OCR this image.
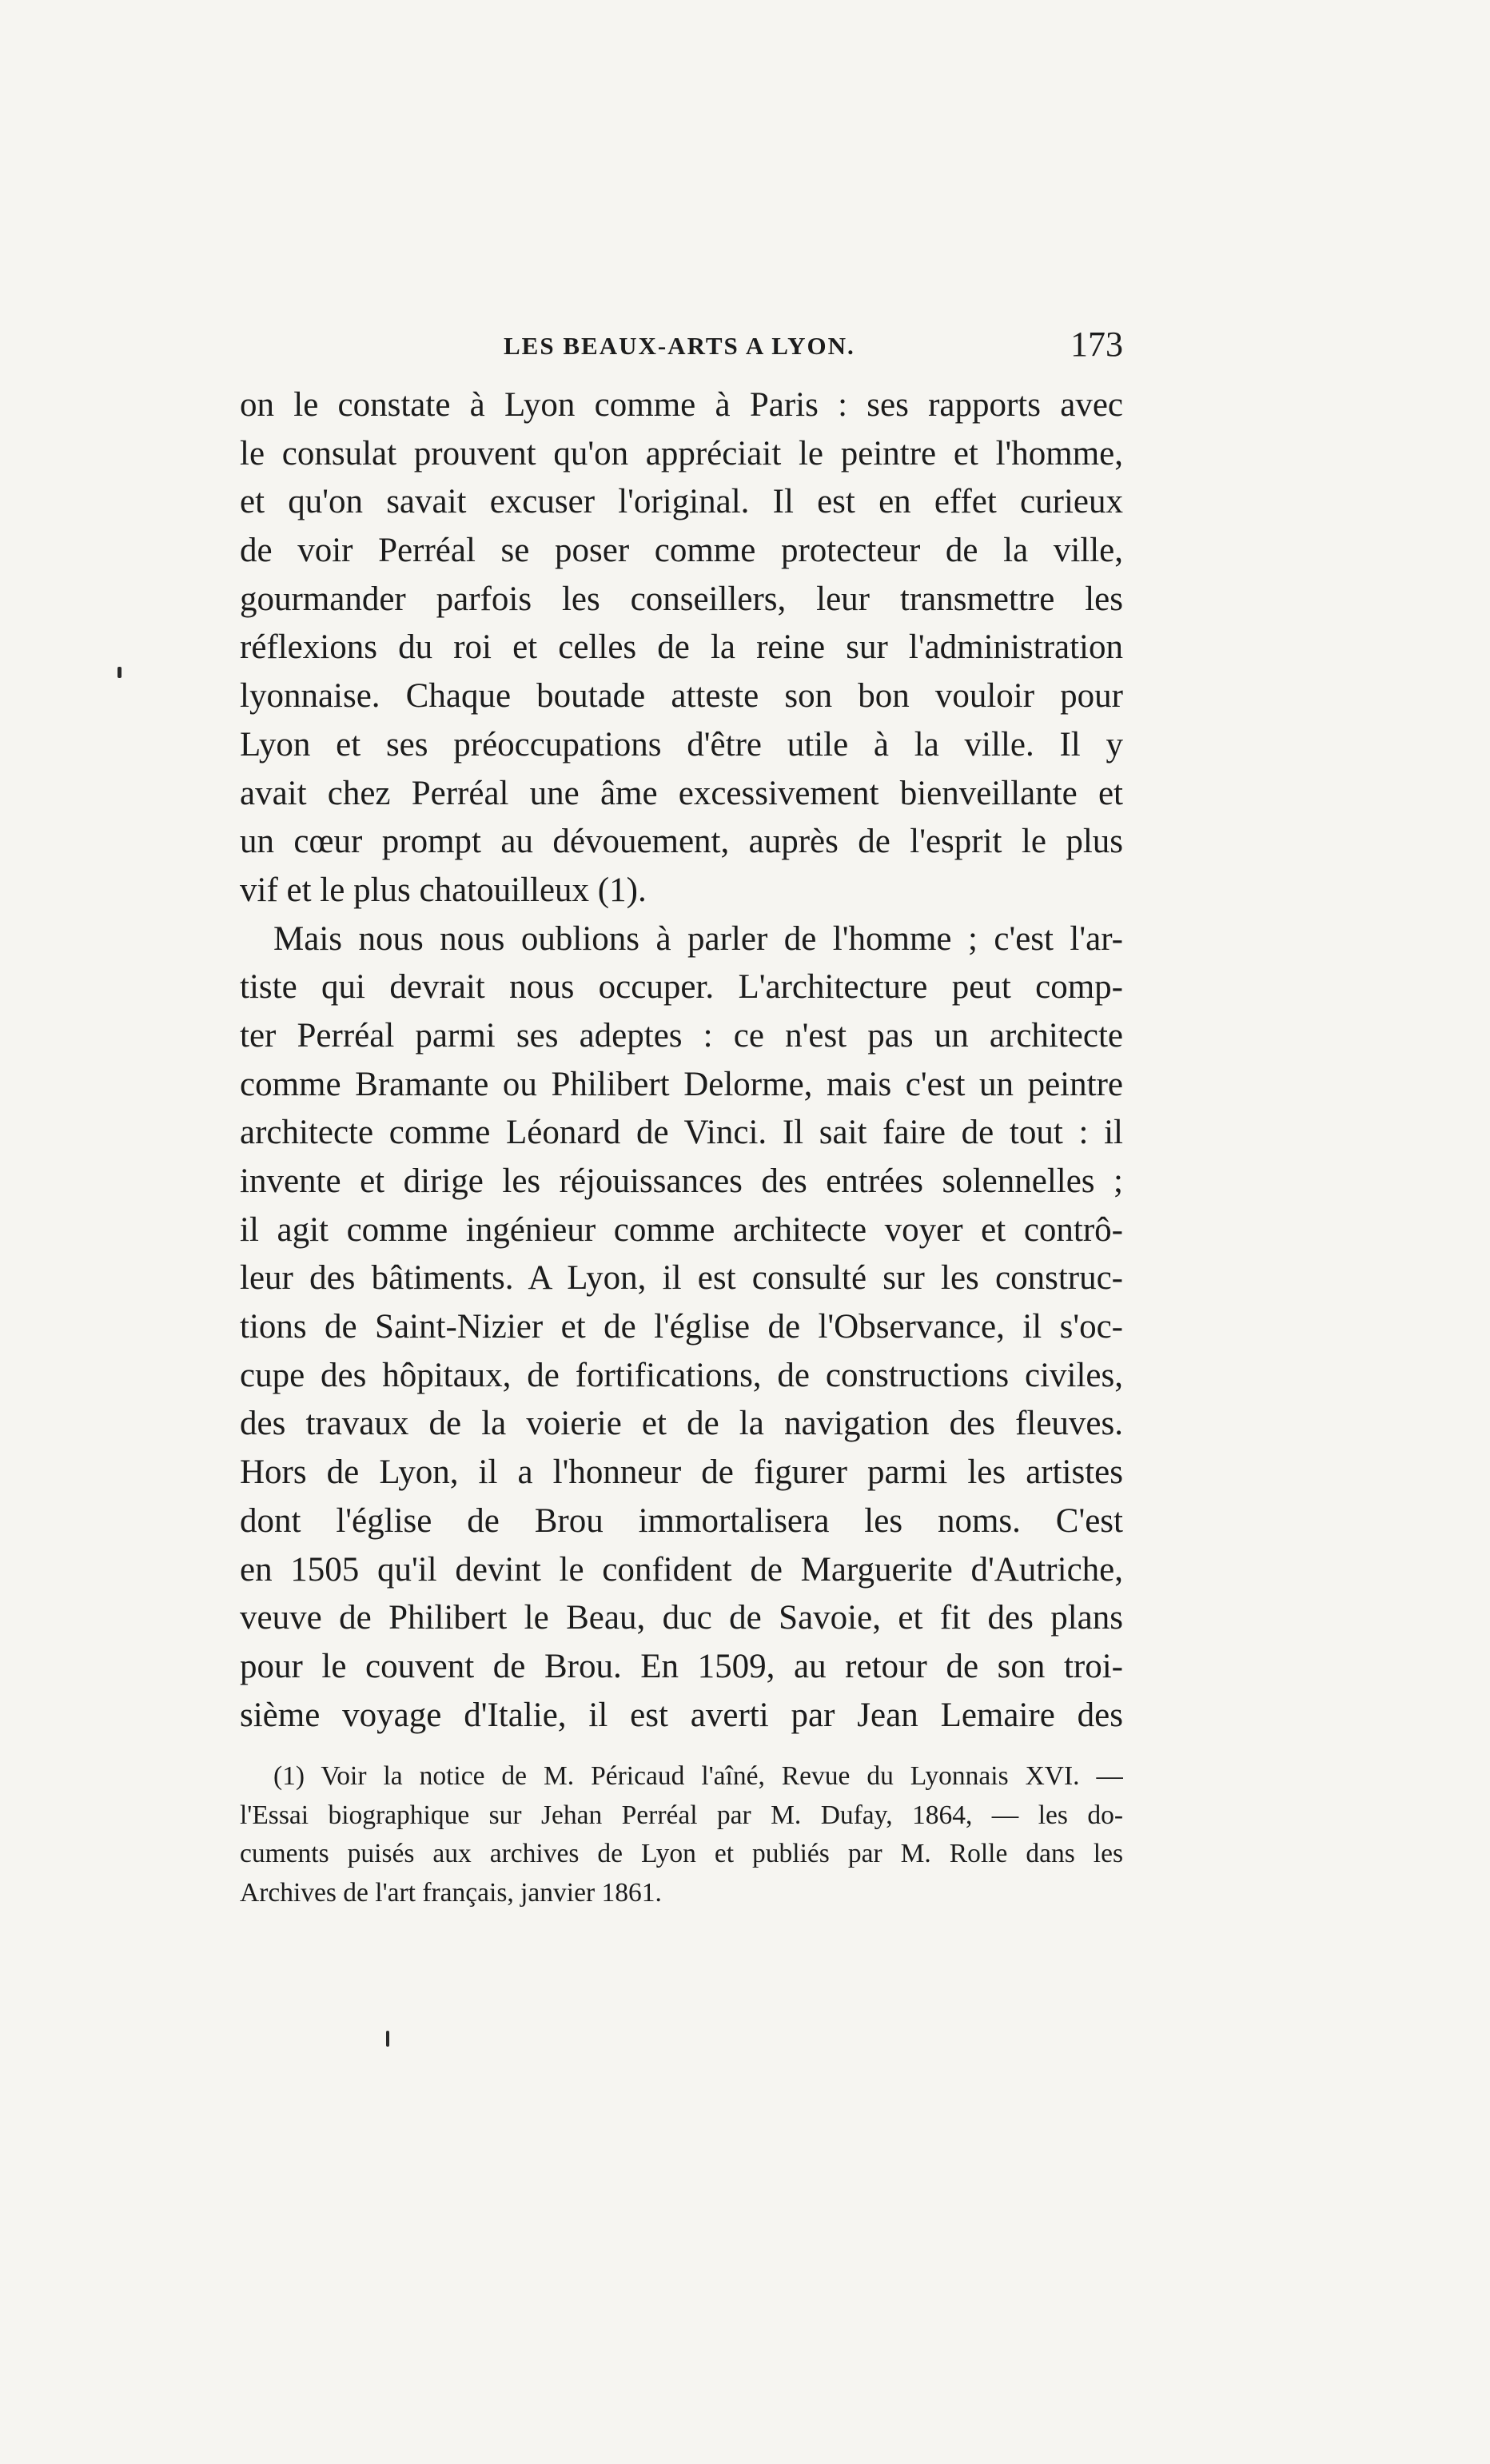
LES BEAUX-ARTS A LYON.	173
on le constate à Lyon comme à Paris : ses rapports avec
le consulat prouvent qu'on appréciait le peintre et l'homme,
et qu'on savait excuser l'original. Il est en effet curieux
de voir Perréal se poser comme protecteur de la ville,
gourmander parfois les conseillers, leur transmettre les
réflexions du roi et celles de la reine sur l'administration
lyonnaise. Chaque boutade atteste son bon vouloir pour
Lyon et ses préoccupations d'être utile à la ville. Il y
avait chez Perréal une âme excessivement bienveillante et
un cœur prompt au dévouement, auprès de l'esprit le plus
vif et le plus chatouilleux (1).
Mais nous nous oublions à parler de l'homme ; c'est l'ar-
tiste qui devrait nous occuper. L'architecture peut comp-
ter Perréal parmi ses adeptes : ce n'est pas un architecte
comme Bramante ou Philibert Delorme, mais c'est un peintre
architecte comme Léonard de Vinci. Il sait faire de tout : il
invente et dirige les réjouissances des entrées solennelles ;
il agit comme ingénieur comme architecte voyer et contrô-
leur des bâtiments. A Lyon, il est consulté sur les construc-
tions de Saint-Nizier et de l'église de l'Observance, il s'oc-
cupe des hôpitaux, de fortifications, de constructions civiles,
des travaux de la voierie et de la navigation des fleuves.
Hors de Lyon, il a l'honneur de figurer parmi les artistes
dont l'église de Brou immortalisera les noms. C'est
en 1505 qu'il devint le confident de Marguerite d'Autriche,
veuve de Philibert le Beau, duc de Savoie, et fit des plans
pour le couvent de Brou. En 1509, au retour de son troi-
sième voyage d'Italie, il est averti par Jean Lemaire des
(1) Voir la notice de M. Péricaud l'aîné, Revue du Lyonnais XVI. —
l'Essai biographique sur Jehan Perréal par M. Dufay, 1864, — les do-
cuments puisés aux archives de Lyon et publiés par M. Rolle dans les
Archives de l'art français, janvier 1861.
